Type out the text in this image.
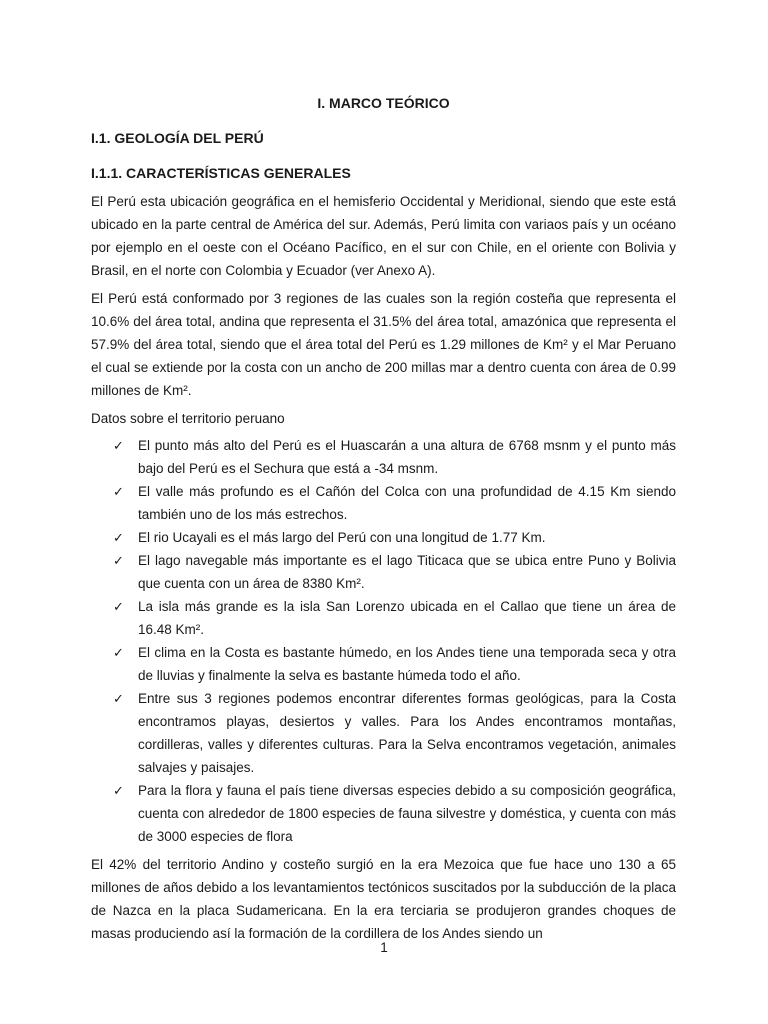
I. MARCO TEÓRICO
I.1. GEOLOGÍA DEL PERÚ
I.1.1. CARACTERÍSTICAS GENERALES

El Perú esta ubicación geográfica en el hemisferio Occidental y Meridional, siendo que este está ubicado en la parte central de América del sur. Además, Perú limita con variaos país y un océano por ejemplo en el oeste con el Océano Pacífico, en el sur con Chile, en el oriente con Bolivia y Brasil, en el norte con Colombia y Ecuador (ver Anexo A).

El Perú está conformado por 3 regiones de las cuales son la región costeña que representa el 10.6% del área total, andina que representa el 31.5% del área total, amazónica que representa el 57.9% del área total, siendo que el área total del Perú es 1.29 millones de Km² y el Mar Peruano el cual se extiende por la costa con un ancho de 200 millas mar a dentro cuenta con área de 0.99 millones de Km².

Datos sobre el territorio peruano

✓ El punto más alto del Perú es el Huascarán a una altura de 6768 msnm y el punto más bajo del Perú es el Sechura que está a -34 msnm.
✓ El valle más profundo es el Cañón del Colca con una profundidad de 4.15 Km siendo también uno de los más estrechos.
✓ El rio Ucayali es el más largo del Perú con una longitud de 1.77 Km.
✓ El lago navegable más importante es el lago Titicaca que se ubica entre Puno y Bolivia que cuenta con un área de 8380 Km².
✓ La isla más grande es la isla San Lorenzo ubicada en el Callao que tiene un área de 16.48 Km².
✓ El clima en la Costa es bastante húmedo, en los Andes tiene una temporada seca y otra de lluvias y finalmente la selva es bastante húmeda todo el año.
✓ Entre sus 3 regiones podemos encontrar diferentes formas geológicas, para la Costa encontramos playas, desiertos y valles. Para los Andes encontramos montañas, cordilleras, valles y diferentes culturas. Para la Selva encontramos vegetación, animales salvajes y paisajes.
✓ Para la flora y fauna el país tiene diversas especies debido a su composición geográfica, cuenta con alrededor de 1800 especies de fauna silvestre y doméstica, y cuenta con más de 3000 especies de flora

El 42% del territorio Andino y costeño surgió en la era Mezoica que fue hace uno 130 a 65 millones de años debido a los levantamientos tectónicos suscitados por la subducción de la placa de Nazca en la placa Sudamericana. En la era terciaria se produjeron grandes choques de masas produciendo así la formación de la cordillera de los Andes siendo un

1
